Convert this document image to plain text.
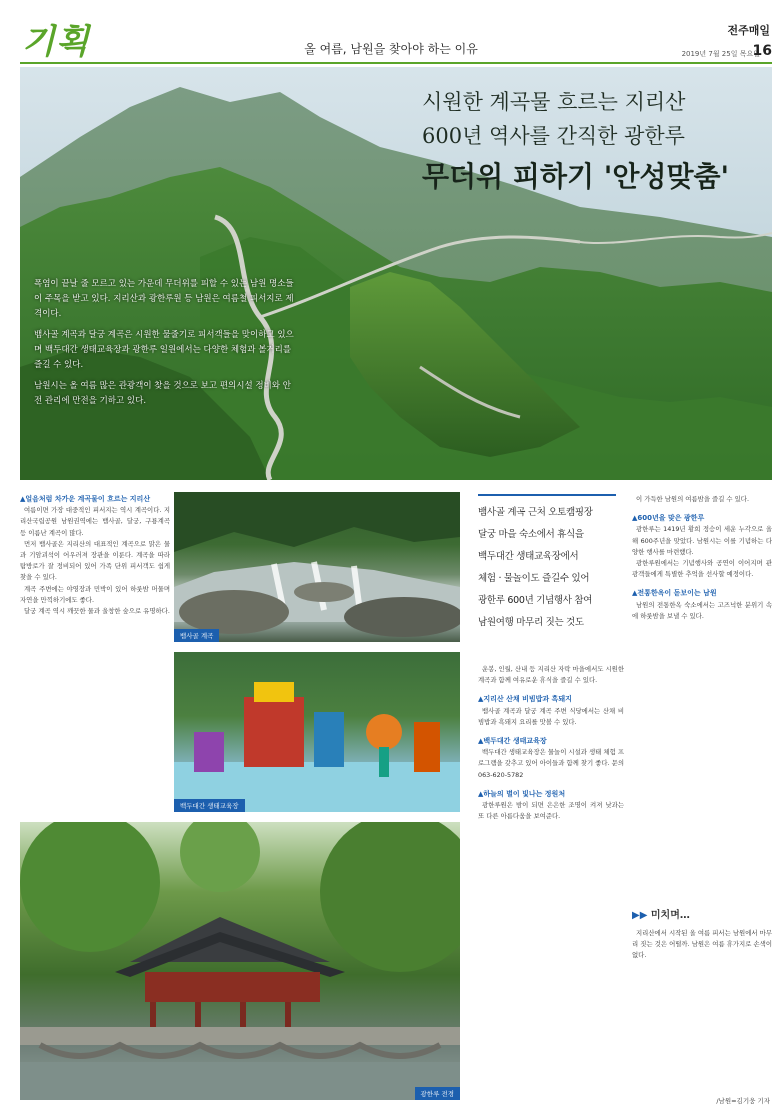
기획	올 여름, 남원을 찾아야 하는 이유
전주매일
2019년 7월 25일 목요일
16
시원한 계곡물 흐르는 지리산
600년 역사를 간직한 광한루
무더위 피하기 '안성맞춤'

폭염이 끝날 줄 모르고 있는 가운데 무더위를 피할 수 있는 남원 명소들이 주목을 받고 있다. 지리산과 광한루원 등 남원은 여름철 피서지로 제격이다.

뱀사골 계곡과 달궁 계곡은 시원한 물줄기로 피서객들을 맞이하고 있으며 백두대간 생태교육장과 광한루 일원에서는 다양한 체험과 볼거리를 즐길 수 있다.

남원시는 올 여름 많은 관광객이 찾을 것으로 보고 편의시설 정비와 안전 관리에 만전을 기하고 있다.

▲얼음처럼 차가운 계곡물이 흐르는 지리산

여름이면 가장 대중적인 피서지는 역시 계곡이다. 지리산국립공원 남원권역에는 뱀사골, 달궁, 구룡계곡 등 이름난 계곡이 많다.

먼저 뱀사골은 지리산의 대표적인 계곡으로 맑은 물과 기암괴석이 어우러져 장관을 이룬다. 계곡을 따라 탐방로가 잘 정비되어 있어 가족 단위 피서객도 쉽게 찾을 수 있다.

계곡 주변에는 야영장과 민박이 있어 하룻밤 머물며 자연을 만끽하기에도 좋다.

달궁 계곡 역시 깨끗한 물과 울창한 숲으로 유명하다.

뱀사골 계곡
백두대간 생태교육장
광한루 전경
뱀사골 계곡 근처 오토캠핑장
달궁 마을 숙소에서 휴식을
백두대간 생태교육장에서
체험 · 물놀이도 즐길수 있어
광한루 600년 기념행사 참여
남원여행 마무리 짓는 것도

운봉, 인월, 산내 등 지리산 자락 마을에서도 시원한 계곡과 함께 여유로운 휴식을 즐길 수 있다.

▲지리산 산채 비빔밥과 흑돼지

뱀사골 계곡과 달궁 계곡 주변 식당에서는 산채 비빔밥과 흑돼지 요리를 맛볼 수 있다.

▲백두대간 생태교육장

백두대간 생태교육장은 물놀이 시설과 생태 체험 프로그램을 갖추고 있어 아이들과 함께 찾기 좋다. 문의 063-620-5782

▲하늘의 별이 빛나는 정원처

광한루원은 밤이 되면 은은한 조명이 켜져 낮과는 또 다른 아름다움을 보여준다.

이 가득한 남원의 여름밤을 즐길 수 있다.

▲600년을 맞은 광한루

광한루는 1419년 황희 정승이 세운 누각으로 올해 600주년을 맞았다. 남원시는 이를 기념하는 다양한 행사를 마련했다.

광한루원에서는 기념행사와 공연이 이어지며 관광객들에게 특별한 추억을 선사할 예정이다.

▲전통한옥이 돋보이는 남원

남원의 전통한옥 숙소에서는 고즈넉한 분위기 속에 하룻밤을 보낼 수 있다.

▶▶ 미치며…

지리산에서 시작된 올 여름 피서는 남원에서 마무리 짓는 것은 어떨까. 남원은 여름 휴가지로 손색이 없다.

/남원=김기웅 기자
